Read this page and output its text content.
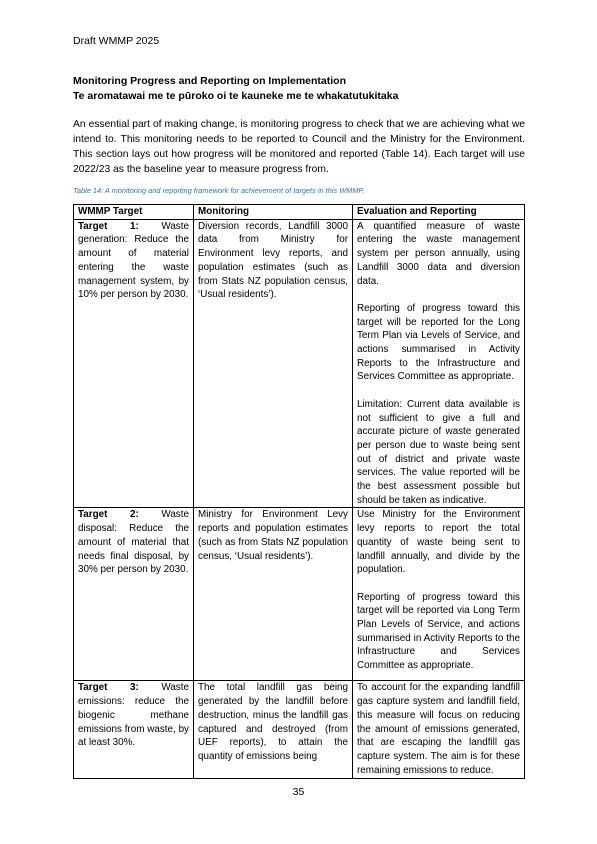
Draft WMMP 2025
Monitoring Progress and Reporting on Implementation
Te aromatawai me te pūroko oi te kauneke me te whakatutukitaka
An essential part of making change, is monitoring progress to check that we are achieving what we intend to. This monitoring needs to be reported to Council and the Ministry for the Environment. This section lays out how progress will be monitored and reported (Table 14). Each target will use 2022/23 as the baseline year to measure progress from.
Table 14: A monitoring and reporting framework for achievement of targets in this WMMP.
WMMP Target	Monitoring	Evaluation and Reporting
Target 1: Waste generation: Reduce the amount of material entering the waste management system, by 10% per person by 2030.	Diversion records, Landfill 3000 data from Ministry for Environment levy reports, and population estimates (such as from Stats NZ population census, ‘Usual residents’).	A quantified measure of waste entering the waste management system per person annually, using Landfill 3000 data and diversion data.
Reporting of progress toward this target will be reported for the Long Term Plan via Levels of Service, and actions summarised in Activity Reports to the Infrastructure and Services Committee as appropriate.
Limitation: Current data available is not sufficient to give a full and accurate picture of waste generated per person due to waste being sent out of district and private waste services. The value reported will be the best assessment possible but should be taken as indicative.
Target 2: Waste disposal: Reduce the amount of material that needs final disposal, by 30% per person by 2030.	Ministry for Environment Levy reports and population estimates (such as from Stats NZ population census, ‘Usual residents’).	Use Ministry for the Environment levy reports to report the total quantity of waste being sent to landfill annually, and divide by the population.
Reporting of progress toward this target will be reported via Long Term Plan Levels of Service, and actions summarised in Activity Reports to the Infrastructure and Services Committee as appropriate.
Target 3: Waste emissions: reduce the biogenic methane emissions from waste, by at least 30%.	The total landfill gas being generated by the landfill before destruction, minus the landfill gas captured and destroyed (from UEF reports), to attain the quantity of emissions being	To account for the expanding landfill gas capture system and landfill field, this measure will focus on reducing the amount of emissions generated, that are escaping the landfill gas capture system. The aim is for these remaining emissions to reduce.
35
